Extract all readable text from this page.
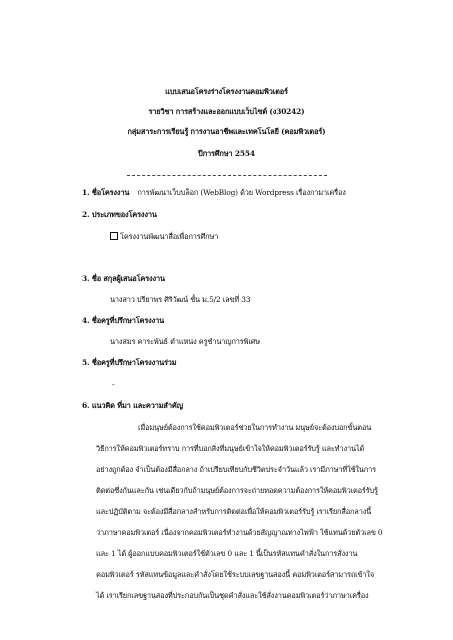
แบบเสนอโครงร่างโครงงานคอมพิวเตอร์
รายวิชา การสร้างและออกแบบเว็บไซต์ (ง30242)
กลุ่มสาระการเรียนรู้ การงานอาชีพและเทคโนโลยี (คอมพิวเตอร์)
ปีการศึกษา 2554
1. ชื่อโครงงาน การพัฒนาเว็บบล็อก (WebBlog) ด้วย Wordpress เรื่องกามาเครื่อง
2. ประเภทของโครงงาน
โครงงานพัฒนาสื่อเพื่อการศึกษา
3. ชื่อ สกุลผู้เสนอโครงงาน
นางสาว ปรียาพร ศิริวัฒน์ ชั้น ม.5/2 เลขที่ 33
4. ชื่อครูที่ปรึกษาโครงงาน
นางสมร คาระพันธ์ ตำแหน่ง ครูชำนาญการพิเศษ
5. ชื่อครูที่ปรึกษาโครงงานร่วม
-
6. แนวคิด ที่มา และความสำคัญ
เมื่อมนุษย์ต้องการใช้คอมพิวเตอร์ช่วยในการทำงาน มนุษย์จะต้องบอกขั้นตอน
วิธีการให้คอมพิวเตอร์ทราบ การที่บอกสิ่งที่มนุษย์เข้าใจให้คอมพิวเตอร์รับรู้ และทำงานได้
อย่างถูกต้อง จำเป็นต้องมีสื่อกลาง ถ้าเปรียบเทียบกับชีวิตประจำวันแล้ว เรามีภาษาที่ใช้ในการ
ติดต่อซึ่งกันและกัน เช่นเดียวกับถ้ามนุษย์ต้องการจะถ่ายทอดความต้องการให้คอมพิวเตอร์รับรู้
และปฏิบัติตาม จะต้องมีสื่อกลางสำหรับการติดต่อเพื่อให้คอมพิวเตอร์รับรู้ เราเรียกสื่อกลางนี้
ว่าภาษาคอมพิวเตอร์ เนื่องจากคอมพิวเตอร์ทำงานด้วยสัญญาณทางไฟฟ้า ใช้แทนด้วยตัวเลข 0
และ 1 ได้ ผู้ออกแบบคอมพิวเตอร์ใช้ตัวเลข 0 และ 1 นี้เป็นรหัสแทนคำสั่งในการสั่งงาน
คอมพิวเตอร์ รหัสแทนข้อมูลและคำสั่งโดยใช้ระบบเลขฐานสองนี้ คอมพิวเตอร์สามารถเข้าใจ
ได้ เราเรียกเลขฐานสองที่ประกอบกันเป็นชุดคำสั่งและใช้สั่งงานคอมพิวเตอร์ว่าภาษาเครื่อง
